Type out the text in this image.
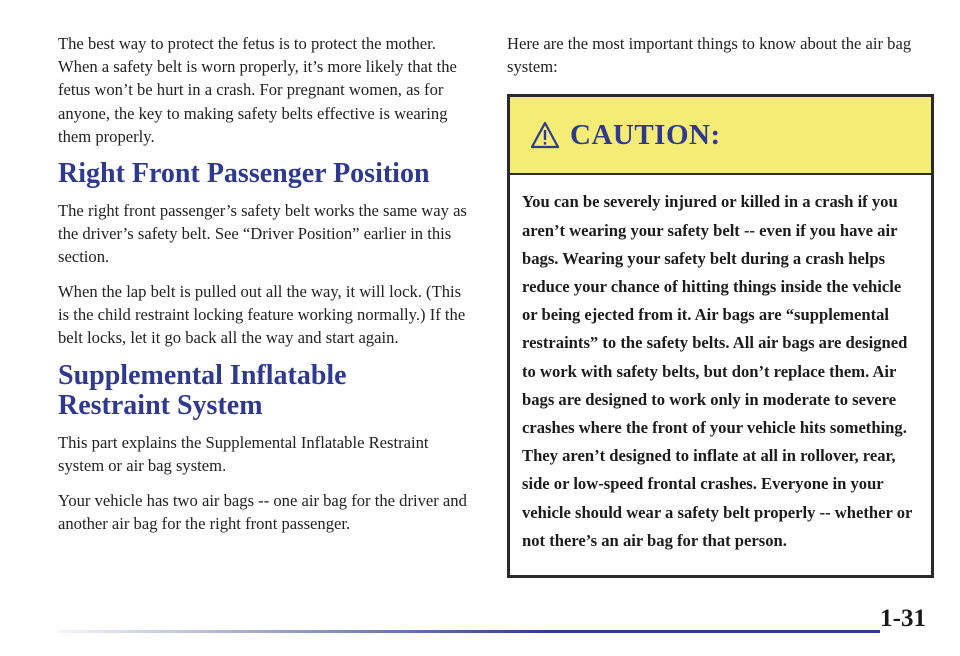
The best way to protect the fetus is to protect the mother. When a safety belt is worn properly, it’s more likely that the fetus won’t be hurt in a crash. For pregnant women, as for anyone, the key to making safety belts effective is wearing them properly.

Right Front Passenger Position

The right front passenger’s safety belt works the same way as the driver’s safety belt. See “Driver Position” earlier in this section.

When the lap belt is pulled out all the way, it will lock. (This is the child restraint locking feature working normally.) If the belt locks, let it go back all the way and start again.

Supplemental Inflatable
Restraint System

This part explains the Supplemental Inflatable Restraint system or air bag system.

Your vehicle has two air bags -- one air bag for the driver and another air bag for the right front passenger.

Here are the most important things to know about the air bag system:

CAUTION:
You can be severely injured or killed in a crash if you aren’t wearing your safety belt -- even if you have air bags. Wearing your safety belt during a crash helps reduce your chance of hitting things inside the vehicle or being ejected from it. Air bags are “supplemental restraints” to the safety belts. All air bags are designed to work with safety belts, but don’t replace them. Air bags are designed to work only in moderate to severe crashes where the front of your vehicle hits something. They aren’t designed to inflate at all in rollover, rear, side or low-speed frontal crashes. Everyone in your vehicle should wear a safety belt properly -- whether or not there’s an air bag for that person.
1-31
